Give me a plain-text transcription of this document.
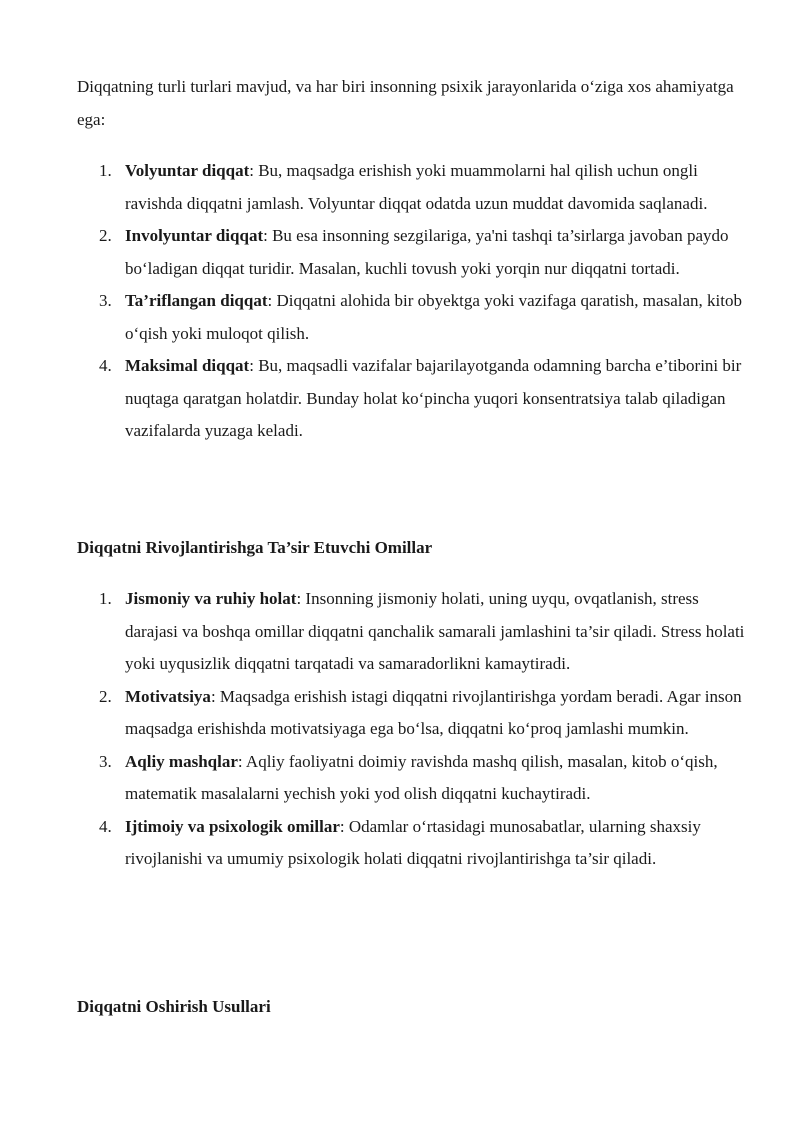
Diqqatning turli turlari mavjud, va har biri insonning psixik jarayonlarida o‘ziga xos ahamiyatga ega:

1. Volyuntar diqqat: Bu, maqsadga erishish yoki muammolarni hal qilish uchun ongli ravishda diqqatni jamlash. Volyuntar diqqat odatda uzun muddat davomida saqlanadi.
2. Involyuntar diqqat: Bu esa insonning sezgilariga, ya'ni tashqi ta’sirlarga javoban paydo bo‘ladigan diqqat turidir. Masalan, kuchli tovush yoki yorqin nur diqqatni tortadi.
3. Ta’riflangan diqqat: Diqqatni alohida bir obyektga yoki vazifaga qaratish, masalan, kitob o‘qish yoki muloqot qilish.
4. Maksimal diqqat: Bu, maqsadli vazifalar bajarilayotganda odamning barcha e’tiborini bir nuqtaga qaratgan holatdir. Bunday holat ko‘pincha yuqori konsentratsiya talab qiladigan vazifalarda yuzaga keladi.
Diqqatni Rivojlantirishga Ta’sir Etuvchi Omillar
1. Jismoniy va ruhiy holat: Insonning jismoniy holati, uning uyqu, ovqatlanish, stress darajasi va boshqa omillar diqqatni qanchalik samarali jamlashini ta’sir qiladi. Stress holati yoki uyqusizlik diqqatni tarqatadi va samaradorlikni kamaytiradi.
2. Motivatsiya: Maqsadga erishish istagi diqqatni rivojlantirishga yordam beradi. Agar inson maqsadga erishishda motivatsiyaga ega bo‘lsa, diqqatni ko‘proq jamlashi mumkin.
3. Aqliy mashqlar: Aqliy faoliyatni doimiy ravishda mashq qilish, masalan, kitob o‘qish, matematik masalalarni yechish yoki yod olish diqqatni kuchaytiradi.
4. Ijtimoiy va psixologik omillar: Odamlar o‘rtasidagi munosabatlar, ularning shaxsiy rivojlanishi va umumiy psixologik holati diqqatni rivojlantirishga ta’sir qiladi.
Diqqatni Oshirish Usullari
